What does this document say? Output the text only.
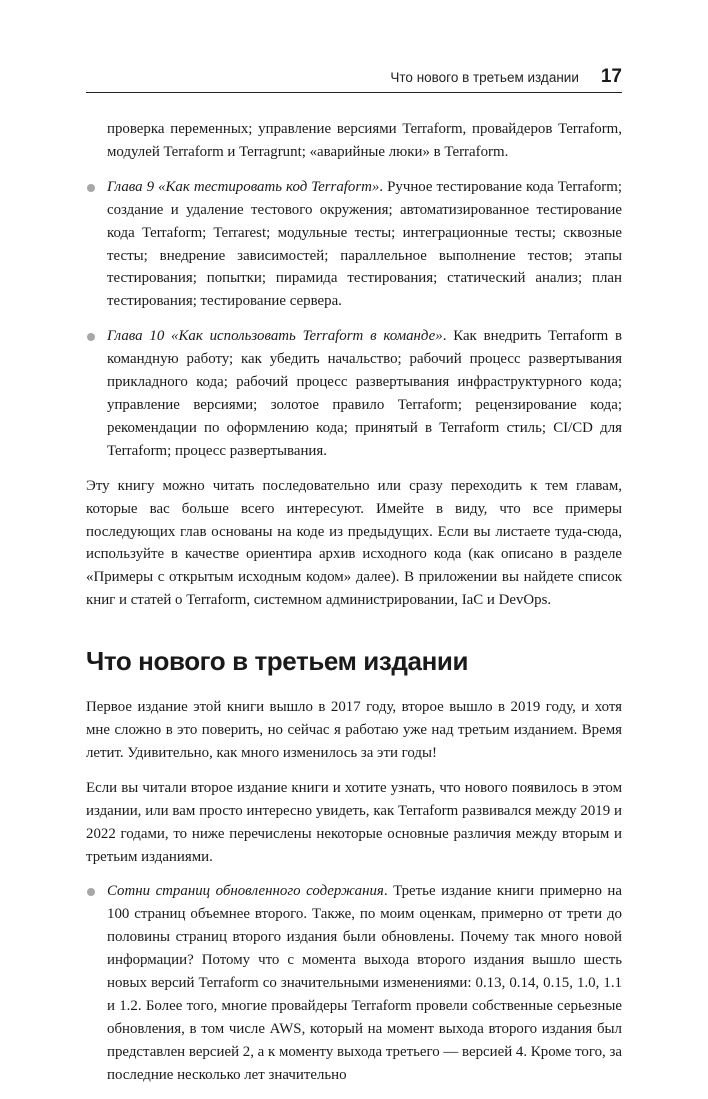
Что нового в третьем издании 17

проверка переменных; управление версиями Terraform, провайдеров Terraform, модулей Terraform и Terragrunt; «аварийные люки» в Terraform.

Глава 9 «Как тестировать код Terraform». Ручное тестирование кода Terraform; создание и удаление тестового окружения; автоматизированное тестирование кода Terraform; Terrarest; модульные тесты; интеграционные тесты; сквозные тесты; внедрение зависимостей; параллельное выполнение тестов; этапы тестирования; попытки; пирамида тестирования; статический анализ; план тестирования; тестирование сервера.
Глава 10 «Как использовать Terraform в команде». Как внедрить Terraform в командную работу; как убедить начальство; рабочий процесс развертывания прикладного кода; рабочий процесс развертывания инфраструктурного кода; управление версиями; золотое правило Terraform; рецензирование кода; рекомендации по оформлению кода; принятый в Terraform стиль; CI/CD для Terraform; процесс развертывания.

Эту книгу можно читать последовательно или сразу переходить к тем главам, которые вас больше всего интересуют. Имейте в виду, что все примеры последующих глав основаны на коде из предыдущих. Если вы листаете туда-сюда, используйте в качестве ориентира архив исходного кода (как описано в разделе «Примеры с открытым исходным кодом» далее). В приложении вы найдете список книг и статей о Terraform, системном администрировании, IaC и DevOps.

Что нового в третьем издании

Первое издание этой книги вышло в 2017 году, второе вышло в 2019 году, и хотя мне сложно в это поверить, но сейчас я работаю уже над третьим изданием. Время летит. Удивительно, как много изменилось за эти годы!

Если вы читали второе издание книги и хотите узнать, что нового появилось в этом издании, или вам просто интересно увидеть, как Terraform развивался между 2019 и 2022 годами, то ниже перечислены некоторые основные различия между вторым и третьим изданиями.

Сотни страниц обновленного содержания. Третье издание книги примерно на 100 страниц объемнее второго. Также, по моим оценкам, примерно от трети до половины страниц второго издания были обновлены. Почему так много новой информации? Потому что с момента выхода второго издания вышло шесть новых версий Terraform со значительными изменениями: 0.13, 0.14, 0.15, 1.0, 1.1 и 1.2. Более того, многие провайдеры Terraform провели собственные серьезные обновления, в том числе AWS, который на момент выхода второго издания был представлен версией 2, а к моменту выхода третьего — версией 4. Кроме того, за последние несколько лет значительно
